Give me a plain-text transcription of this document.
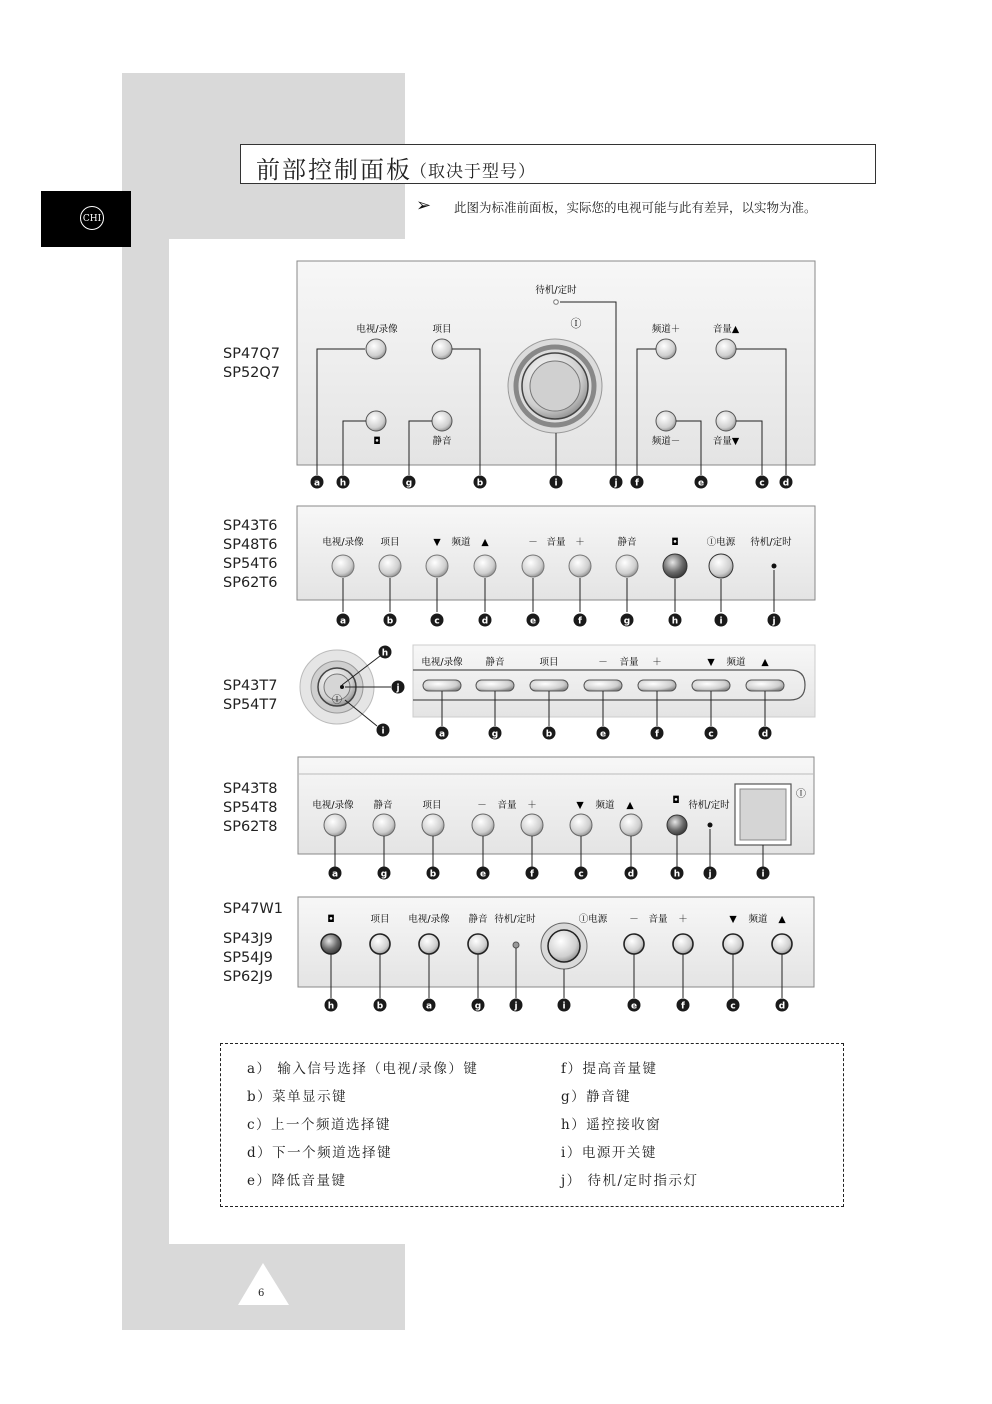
CHI
前部控制面板
（取决于型号）
➢ 此图为标准前面板，实际您的电视可能与此有差异，以实物为准。
SP47Q7
SP52Q7
SP43T6
SP48T6
SP54T6
SP62T6
SP43T7
SP54T7
SP43T8
SP54T8
SP62T8
SP47W1
SP43J9
SP54J9
SP62J9
待机/定时
电视/录像	项目	频道＋	音量▲
◘	静音	频道－	音量▼
Ⓘ
电视/录像 项目	▼ 频道 ▲	－ 音量 ＋	静音	◘	Ⓘ电源 待机/定时
Ⓘ
电视/录像 静音	项目	－ 音量 ＋	▼ 频道 ▲
电视/录像 静音	项目	－ 音量 ＋	▼ 频道 ▲	◘ 待机/定时
Ⓘ
◘	项目 电视/录像 静音 待机/定时	Ⓘ电源 － 音量 ＋	▼ 频道 ▲
a h	g	b	i	j f	e	c d
a	b	c	d	e	f	g	h	i	j
a	g	b	e	f	c	d
h
j
i
a	g	b	e	f	c	d	h	j	i
h	b	a	g	j	i	e	f	c	d
6
a） 输入信号选择（电视/录像）键
b）菜单显示键
c）上一个频道选择键
d）下一个频道选择键
e）降低音量键
f）提高音量键
g）静音键
h）遥控接收窗
i）电源开关键
j） 待机/定时指示灯
